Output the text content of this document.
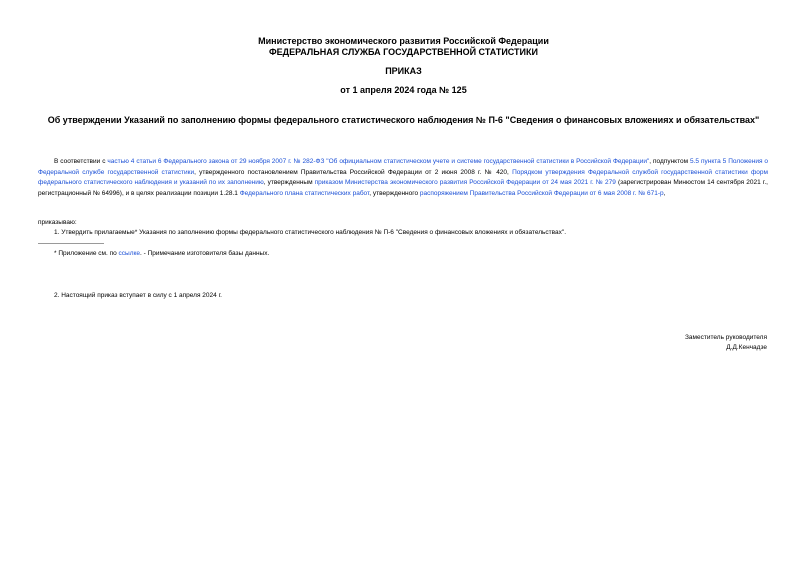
Министерство экономического развития Российской Федерации
ФЕДЕРАЛЬНАЯ СЛУЖБА ГОСУДАРСТВЕННОЙ СТАТИСТИКИ
ПРИКАЗ
от 1 апреля 2024 года № 125
Об утверждении Указаний по заполнению формы федерального статистического наблюдения № П-6 "Сведения о финансовых вложениях и обязательствах"
В соответствии с частью 4 статьи 6 Федерального закона от 29 ноября 2007 г. № 282-ФЗ "Об официальном статистическом учете и системе государственной статистики в Российской Федерации", подпунктом 5.5 пункта 5 Положения о Федеральной службе государственной статистики, утвержденного постановлением Правительства Российской Федерации от 2 июня 2008 г. № 420, Порядком утверждения Федеральной службой государственной статистики форм федерального статистического наблюдения и указаний по их заполнению, утвержденным приказом Министерства экономического развития Российской Федерации от 24 мая 2021 г. № 279 (зарегистрирован Минюстом 14 сентября 2021 г., регистрационный № 64996), и в целях реализации позиции 1.28.1 Федерального плана статистических работ, утвержденного распоряжением Правительства Российской Федерации от 6 мая 2008 г. № 671-р,
приказываю:
1. Утвердить прилагаемые* Указания по заполнению формы федерального статистического наблюдения № П-6 "Сведения о финансовых вложениях и обязательствах".
* Приложение см. по ссылке. - Примечание изготовителя базы данных.
2. Настоящий приказ вступает в силу с 1 апреля 2024 г.
Заместитель руководителя
Д.Д.Кенчадзе
